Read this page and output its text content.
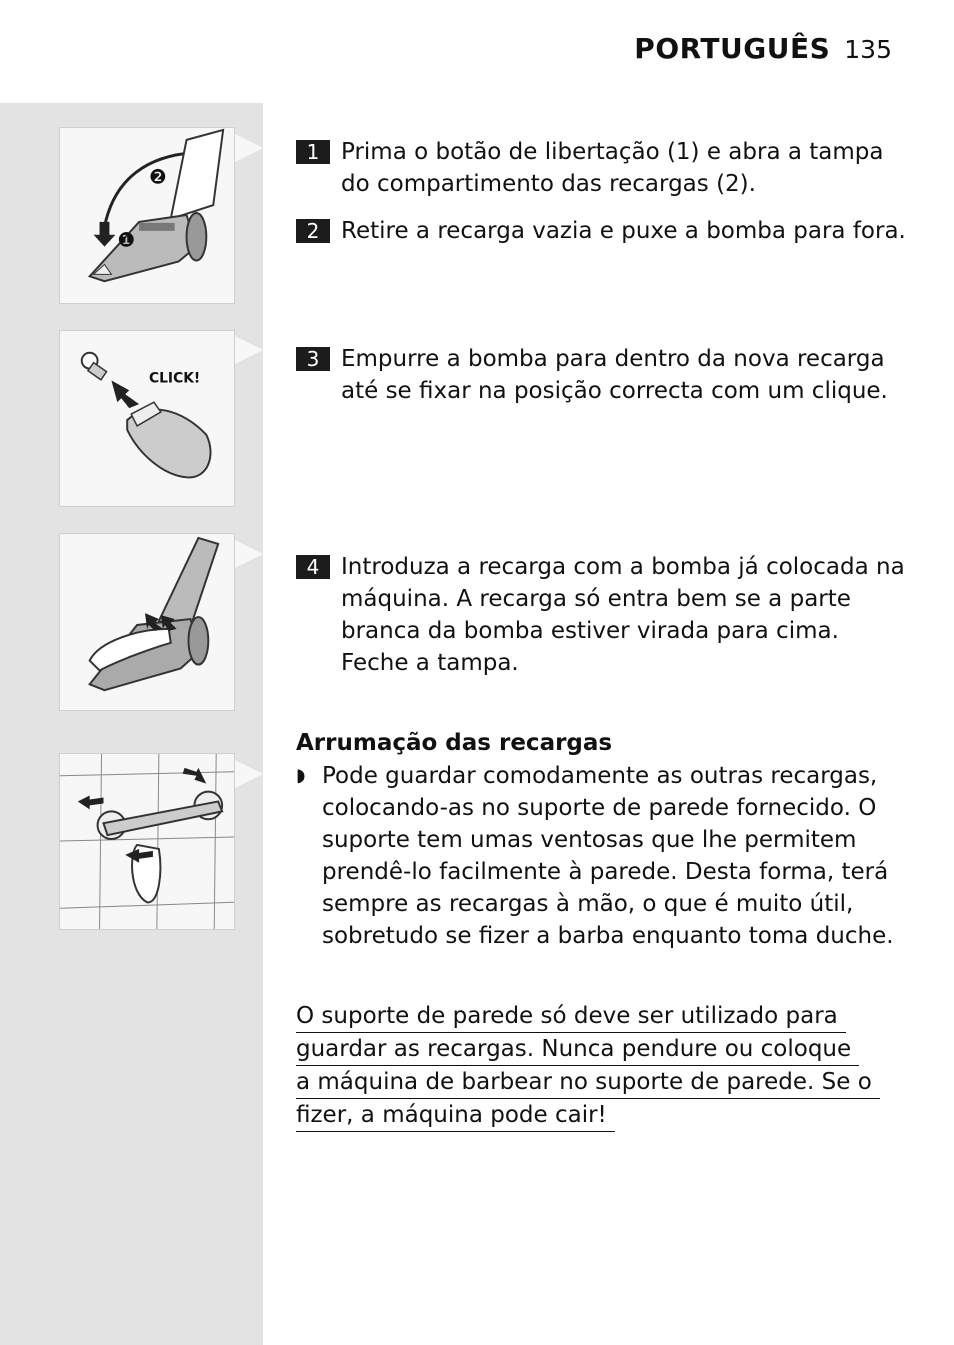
PORTUGUÊS 135
❶
❷
CLICK!
1 Prima o botão de libertação (1) e abra a tampa do compartimento das recargas (2).
2 Retire a recarga vazia e puxe a bomba para fora.
3 Empurre a bomba para dentro da nova recarga até se fixar na posição correcta com um clique.
4 Introduza a recarga com a bomba já colocada na máquina. A recarga só entra bem se a parte branca da bomba estiver virada para cima. Feche a tampa.
Arrumação das recargas
◗ Pode guardar comodamente as outras recargas, colocando-as no suporte de parede fornecido. O suporte tem umas ventosas que lhe permitem prendê-lo facilmente à parede. Desta forma, terá sempre as recargas à mão, o que é muito útil, sobretudo se fizer a barba enquanto toma duche.
O suporte de parede só deve ser utilizado para
guardar as recargas. Nunca pendure ou coloque
a máquina de barbear no suporte de parede. Se o
fizer, a máquina pode cair!
